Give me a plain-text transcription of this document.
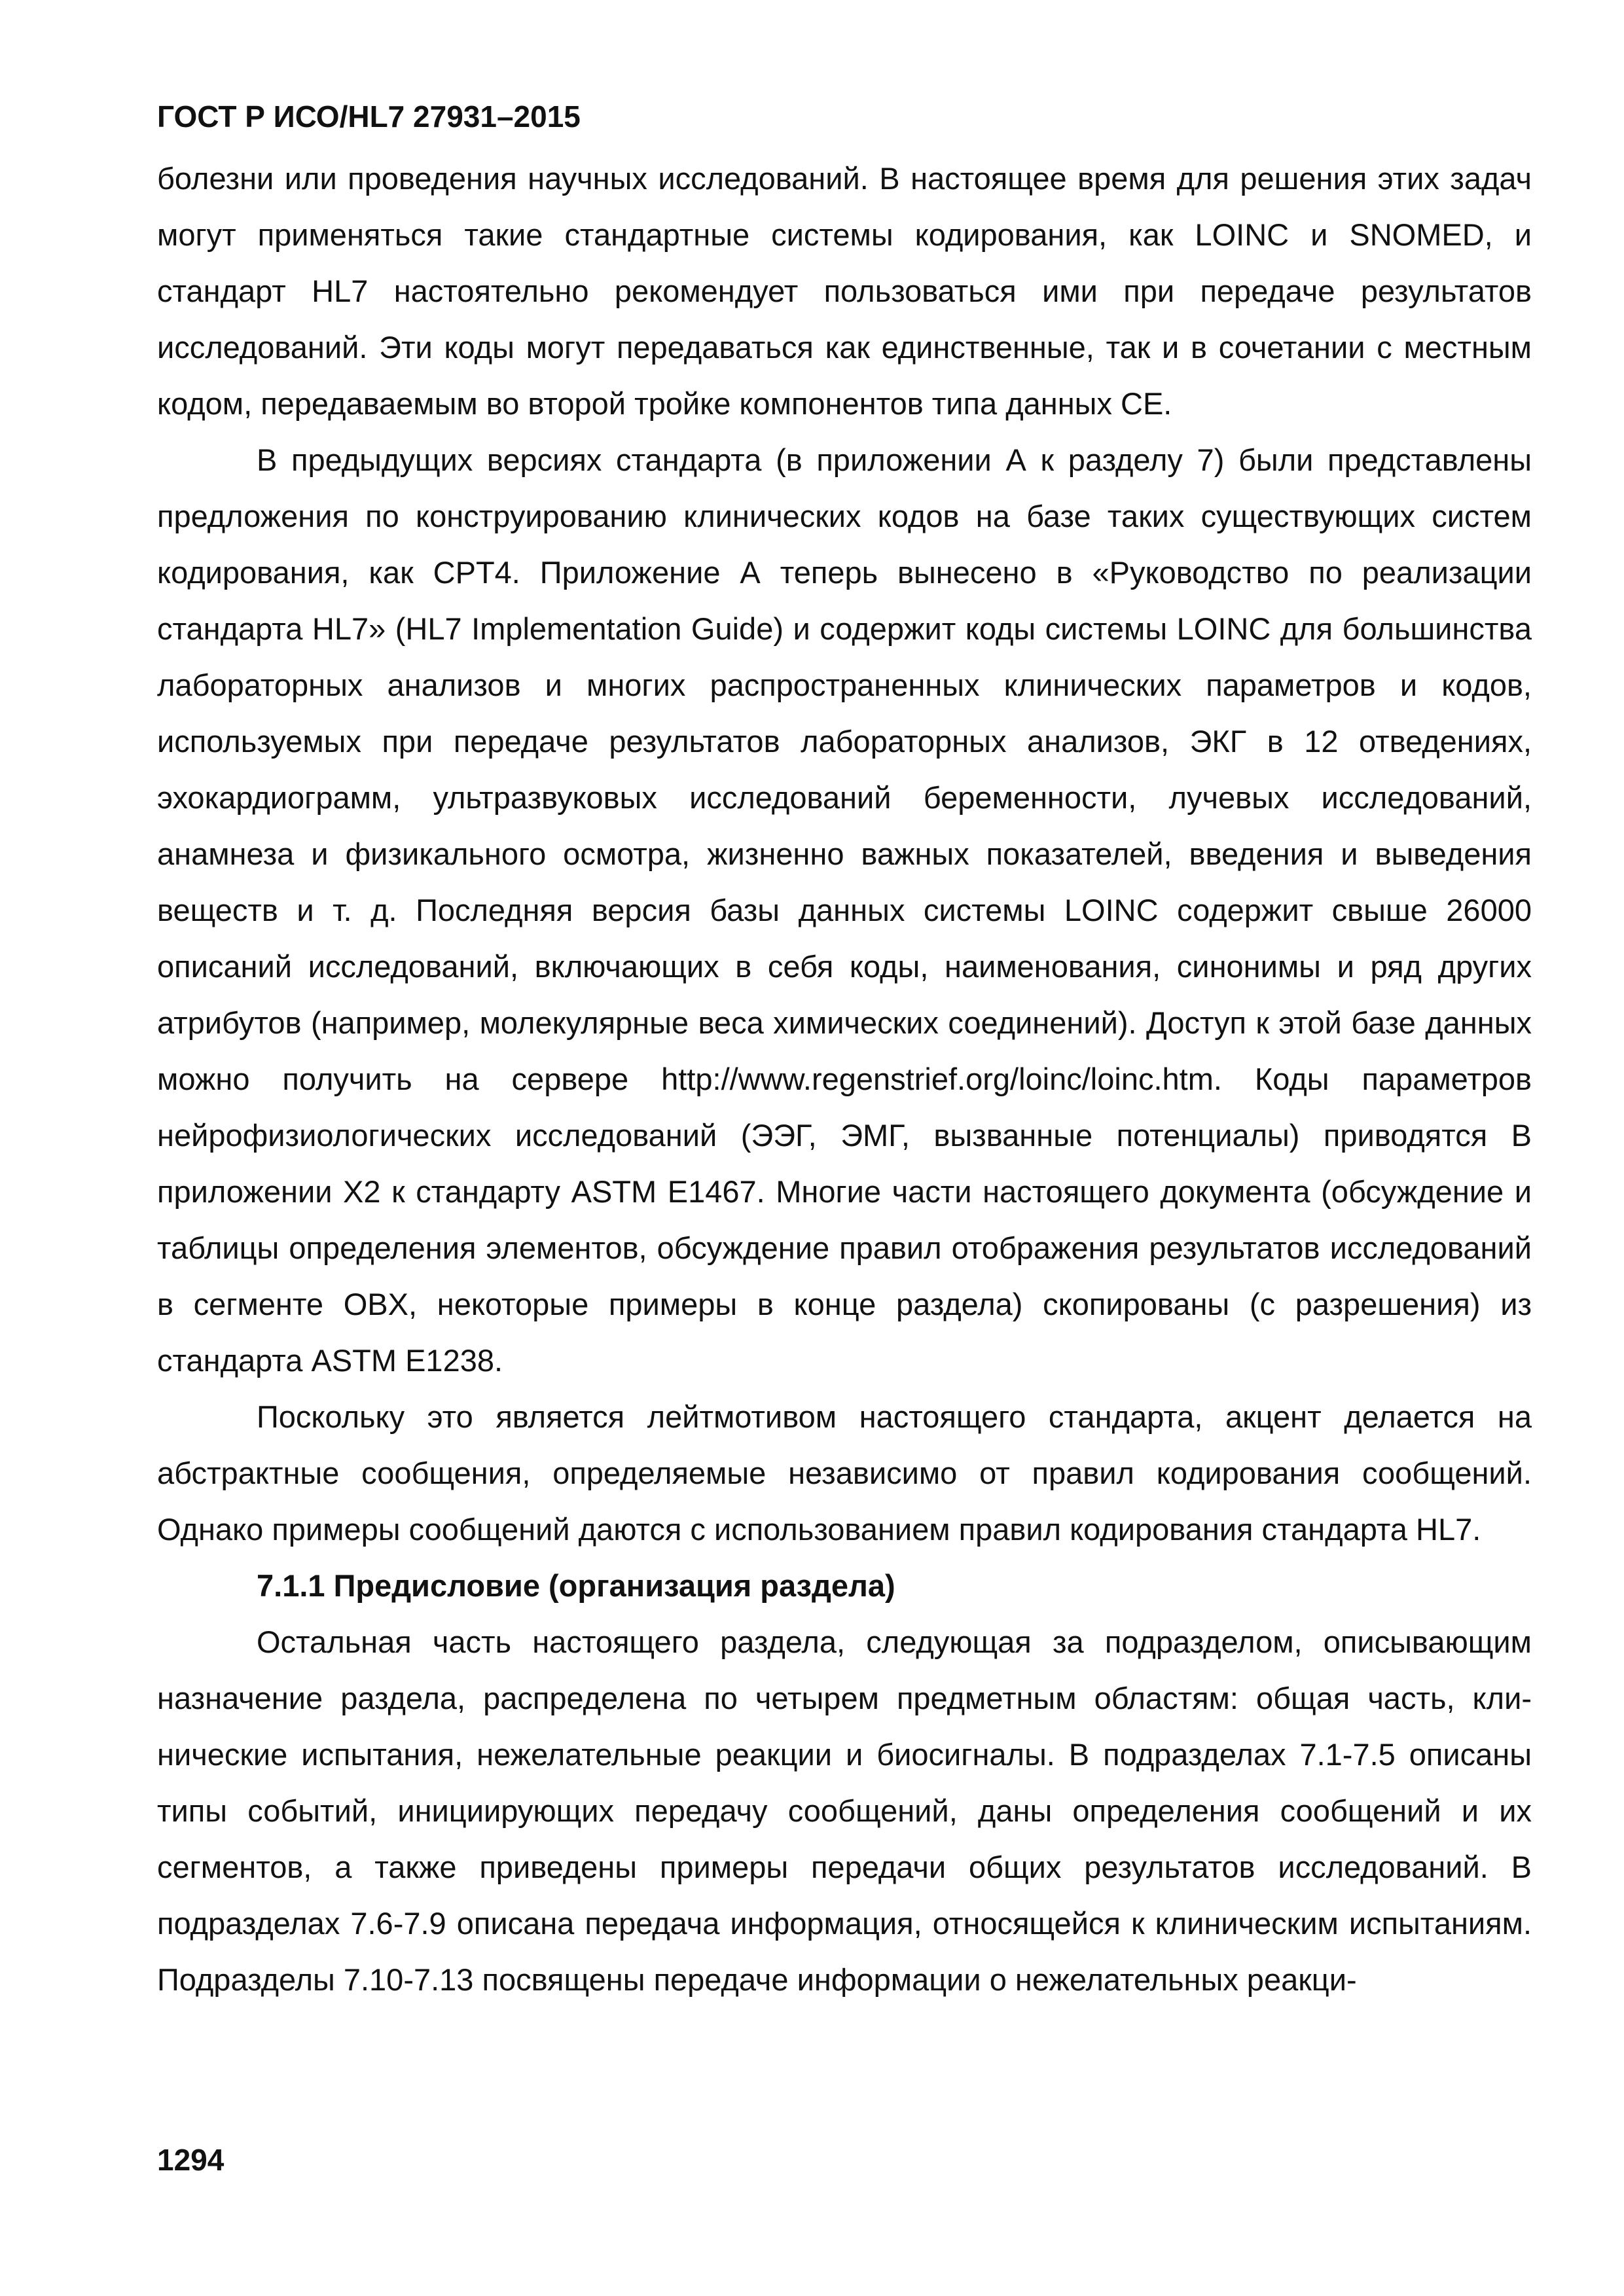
ГОСТ Р ИСО/HL7 27931–2015

болезни или проведения научных исследований. В настоящее время для решения этих задач могут применяться такие стандартные системы кодирования, как LOINC и SNOMED, и стандарт HL7 настоятельно рекомендует пользоваться ими при передаче результатов исследований. Эти коды могут передаваться как единственные, так и в сочетании с местным кодом, передаваемым во второй тройке компонентов типа данных CE.

В предыдущих версиях стандарта (в приложении А к разделу 7) были представлены предложения по конструированию клинических кодов на базе таких существующих систем кодирования, как CPT4. Приложение А теперь вынесено в «Руководство по реализации стандарта HL7» (HL7 Implementation Guide) и содержит коды системы LOINC для большинства лабораторных анализов и многих распространенных клинических параметров и кодов, используемых при передаче результатов лабораторных анализов, ЭКГ в 12 отведениях, эхокардиограмм, ультразвуковых исследований беременности, лучевых исследований, анамнеза и физикального осмотра, жизненно важных показателей, введения и выведения веществ и т. д. Последняя версия базы данных системы LOINC содержит свыше 26000 описаний исследований, включающих в себя коды, наименования, синонимы и ряд других атрибутов (например, молекулярные веса химических соединений). Доступ к этой базе данных можно получить на сервере http://www.regenstrief.org/loinc/loinc.htm. Коды параметров нейрофизиологических исследований (ЭЭГ, ЭМГ, вызванные потенциалы) приводятся В приложении X2 к стандарту ASTM E1467. Многие части настоящего документа (обсуждение и таблицы определения элементов, обсуждение правил отображения результатов исследований в сегменте OBX, некоторые примеры в конце раздела) скопированы (с разрешения) из стандарта ASTM E1238.

Поскольку это является лейтмотивом настоящего стандарта, акцент делается на абстрактные сообщения, определяемые независимо от правил кодирования сообщений. Однако примеры сообщений даются с использованием правил кодирования стандарта HL7.

7.1.1 Предисловие (организация раздела)

Остальная часть настоящего раздела, следующая за подразделом, описывающим назначение раздела, распределена по четырем предметным областям: общая часть, клинические испытания, нежелательные реакции и биосигналы. В подразделах 7.1-7.5 описаны типы событий, инициирующих передачу сообщений, даны определения сообщений и их сегментов, а также приведены примеры передачи общих результатов исследований. В подразделах 7.6-7.9 описана передача информация, относящейся к клиническим испытаниям. Подразделы 7.10-7.13 посвящены передаче информации о нежелательных реакци-

1294
